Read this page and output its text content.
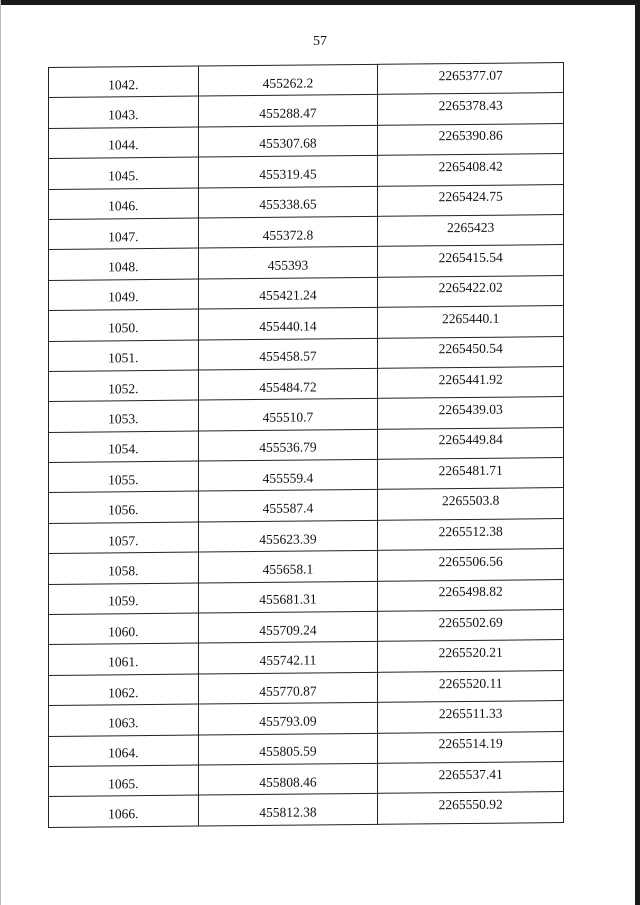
57
1042.	455262.2	2265377.07
1043.	455288.47	2265378.43
1044.	455307.68	2265390.86
1045.	455319.45	2265408.42
1046.	455338.65	2265424.75
1047.	455372.8	2265423
1048.	455393	2265415.54
1049.	455421.24	2265422.02
1050.	455440.14	2265440.1
1051.	455458.57	2265450.54
1052.	455484.72	2265441.92
1053.	455510.7	2265439.03
1054.	455536.79	2265449.84
1055.	455559.4	2265481.71
1056.	455587.4	2265503.8
1057.	455623.39	2265512.38
1058.	455658.1	2265506.56
1059.	455681.31	2265498.82
1060.	455709.24	2265502.69
1061.	455742.11	2265520.21
1062.	455770.87	2265520.11
1063.	455793.09	2265511.33
1064.	455805.59	2265514.19
1065.	455808.46	2265537.41
1066.	455812.38	2265550.92
